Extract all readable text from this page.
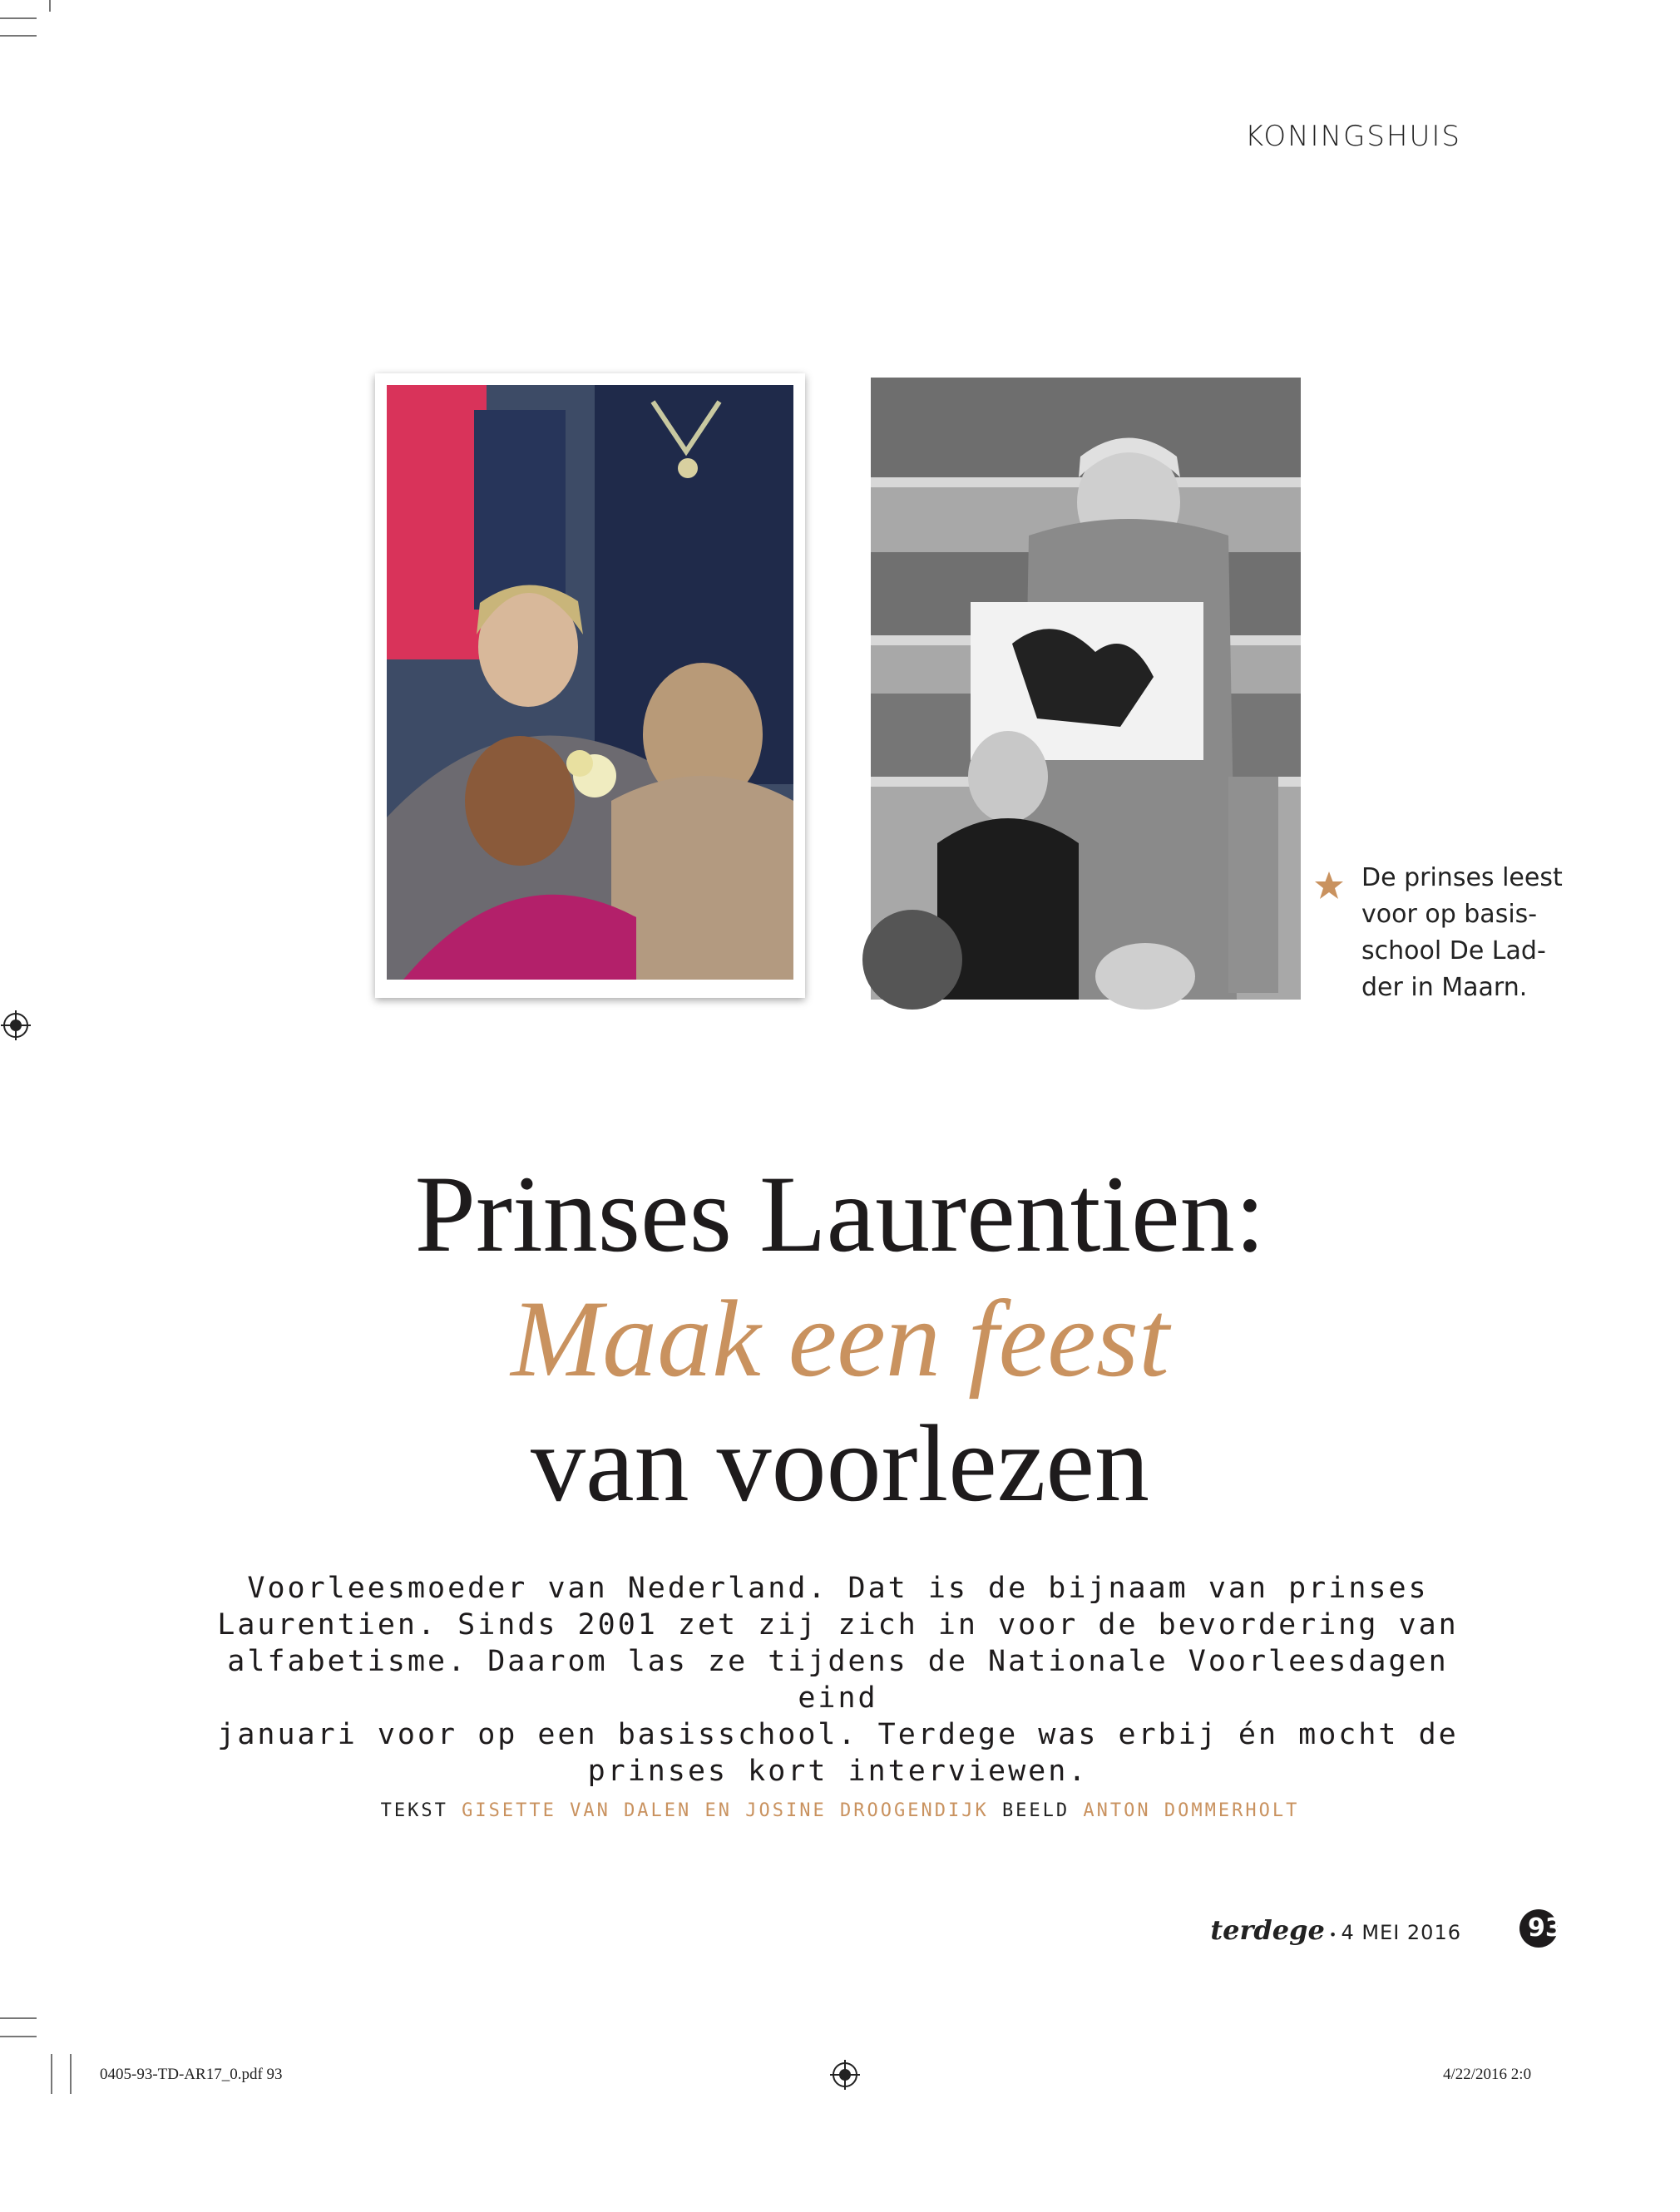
KONINGSHUIS
De prinses leest
voor op basis-
school De Lad-
der in Maarn.
Prinses Laurentien:
Maak een feest
van voorlezen
Voorleesmoeder van Nederland. Dat is de bijnaam van prinses
Laurentien. Sinds 2001 zet zij zich in voor de bevordering van
alfabetisme. Daarom las ze tijdens de Nationale Voorleesdagen eind
januari voor op een basisschool. Terdege was erbij én mocht de
prinses kort interviewen.
TEKST GISETTE VAN DALEN EN JOSINE DROOGENDIJK BEELD ANTON DOMMERHOLT
terdege • 4 MEI 2016	93
0405-93-TD-AR17_0.pdf 93	4/22/2016 2:0
